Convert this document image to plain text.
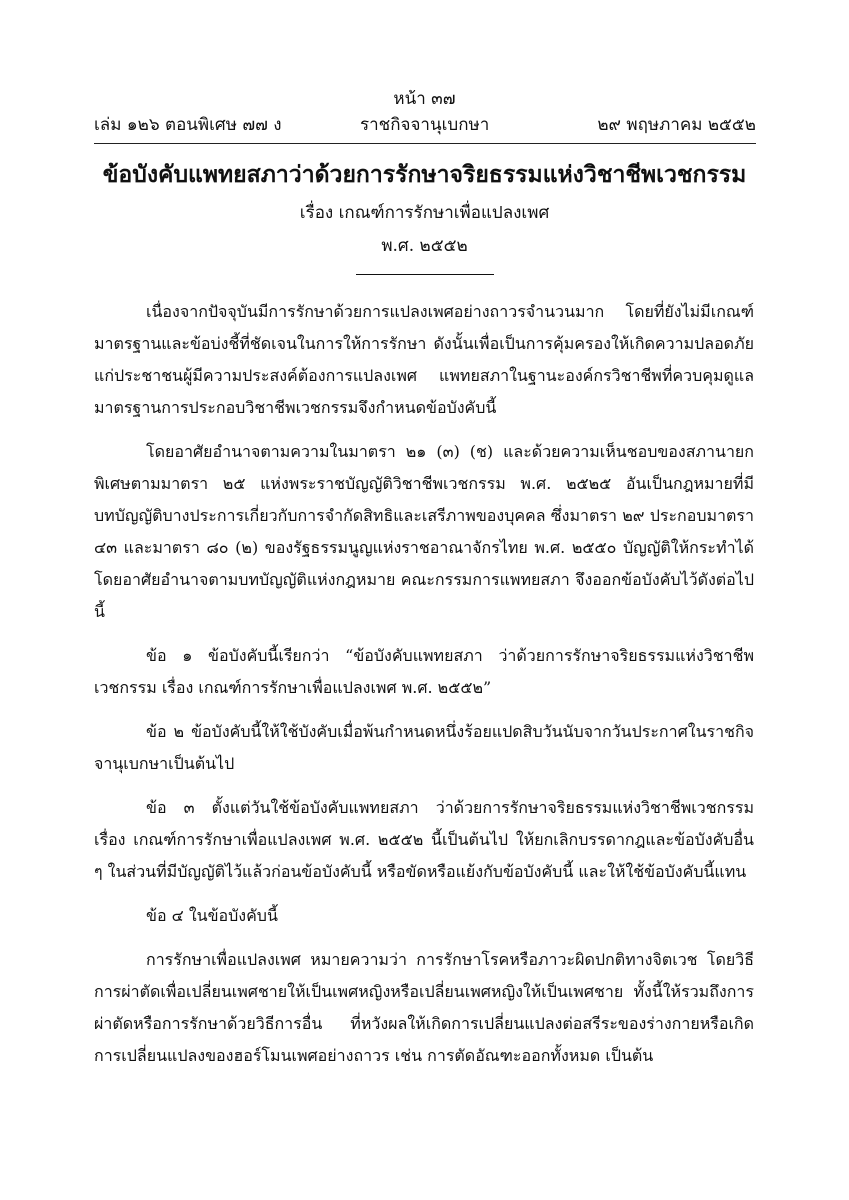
หน้า ๓๗
เล่ม ๑๒๖ ตอนพิเศษ ๗๗ ง	ราชกิจจานุเบกษา	๒๙ พฤษภาคม ๒๕๕๒
ข้อบังคับแพทยสภาว่าด้วยการรักษาจริยธรรมแห่งวิชาชีพเวชกรรม
เรื่อง เกณฑ์การรักษาเพื่อแปลงเพศ
พ.ศ. ๒๕๕๒

เนื่องจากปัจจุบันมีการรักษาด้วยการแปลงเพศอย่างถาวรจำนวนมาก โดยที่ยังไม่มีเกณฑ์มาตรฐานและข้อบ่งชี้ที่ชัดเจนในการให้การรักษา ดังนั้นเพื่อเป็นการคุ้มครองให้เกิดความปลอดภัยแก่ประชาชนผู้มีความประสงค์ต้องการแปลงเพศ แพทยสภาในฐานะองค์กรวิชาชีพที่ควบคุมดูแลมาตรฐานการประกอบวิชาชีพเวชกรรมจึงกำหนดข้อบังคับนี้

โดยอาศัยอำนาจตามความในมาตรา ๒๑ (๓) (ช) และด้วยความเห็นชอบของสภานายกพิเศษตามมาตรา ๒๕ แห่งพระราชบัญญัติวิชาชีพเวชกรรม พ.ศ. ๒๕๒๕ อันเป็นกฎหมายที่มีบทบัญญัติบางประการเกี่ยวกับการจำกัดสิทธิและเสรีภาพของบุคคล ซึ่งมาตรา ๒๙ ประกอบมาตรา ๔๓ และมาตรา ๘๐ (๒) ของรัฐธรรมนูญแห่งราชอาณาจักรไทย พ.ศ. ๒๕๕๐ บัญญัติให้กระทำได้โดยอาศัยอำนาจตามบทบัญญัติแห่งกฎหมาย คณะกรรมการแพทยสภา จึงออกข้อบังคับไว้ดังต่อไปนี้

ข้อ ๑ ข้อบังคับนี้เรียกว่า “ข้อบังคับแพทยสภา ว่าด้วยการรักษาจริยธรรมแห่งวิชาชีพเวชกรรม เรื่อง เกณฑ์การรักษาเพื่อแปลงเพศ พ.ศ. ๒๕๕๒”

ข้อ ๒ ข้อบังคับนี้ให้ใช้บังคับเมื่อพ้นกำหนดหนึ่งร้อยแปดสิบวันนับจากวันประกาศในราชกิจจานุเบกษาเป็นต้นไป

ข้อ ๓ ตั้งแต่วันใช้ข้อบังคับแพทยสภา ว่าด้วยการรักษาจริยธรรมแห่งวิชาชีพเวชกรรม เรื่อง เกณฑ์การรักษาเพื่อแปลงเพศ พ.ศ. ๒๕๕๒ นี้เป็นต้นไป ให้ยกเลิกบรรดากฎและข้อบังคับอื่น ๆ ในส่วนที่มีบัญญัติไว้แล้วก่อนข้อบังคับนี้ หรือขัดหรือแย้งกับข้อบังคับนี้ และให้ใช้ข้อบังคับนี้แทน

ข้อ ๔ ในข้อบังคับนี้

การรักษาเพื่อแปลงเพศ หมายความว่า การรักษาโรคหรือภาวะผิดปกติทางจิตเวช โดยวิธีการผ่าตัดเพื่อเปลี่ยนเพศชายให้เป็นเพศหญิงหรือเปลี่ยนเพศหญิงให้เป็นเพศชาย ทั้งนี้ให้รวมถึงการผ่าตัดหรือการรักษาด้วยวิธีการอื่น ที่หวังผลให้เกิดการเปลี่ยนแปลงต่อสรีระของร่างกายหรือเกิดการเปลี่ยนแปลงของฮอร์โมนเพศอย่างถาวร เช่น การตัดอัณฑะออกทั้งหมด เป็นต้น
